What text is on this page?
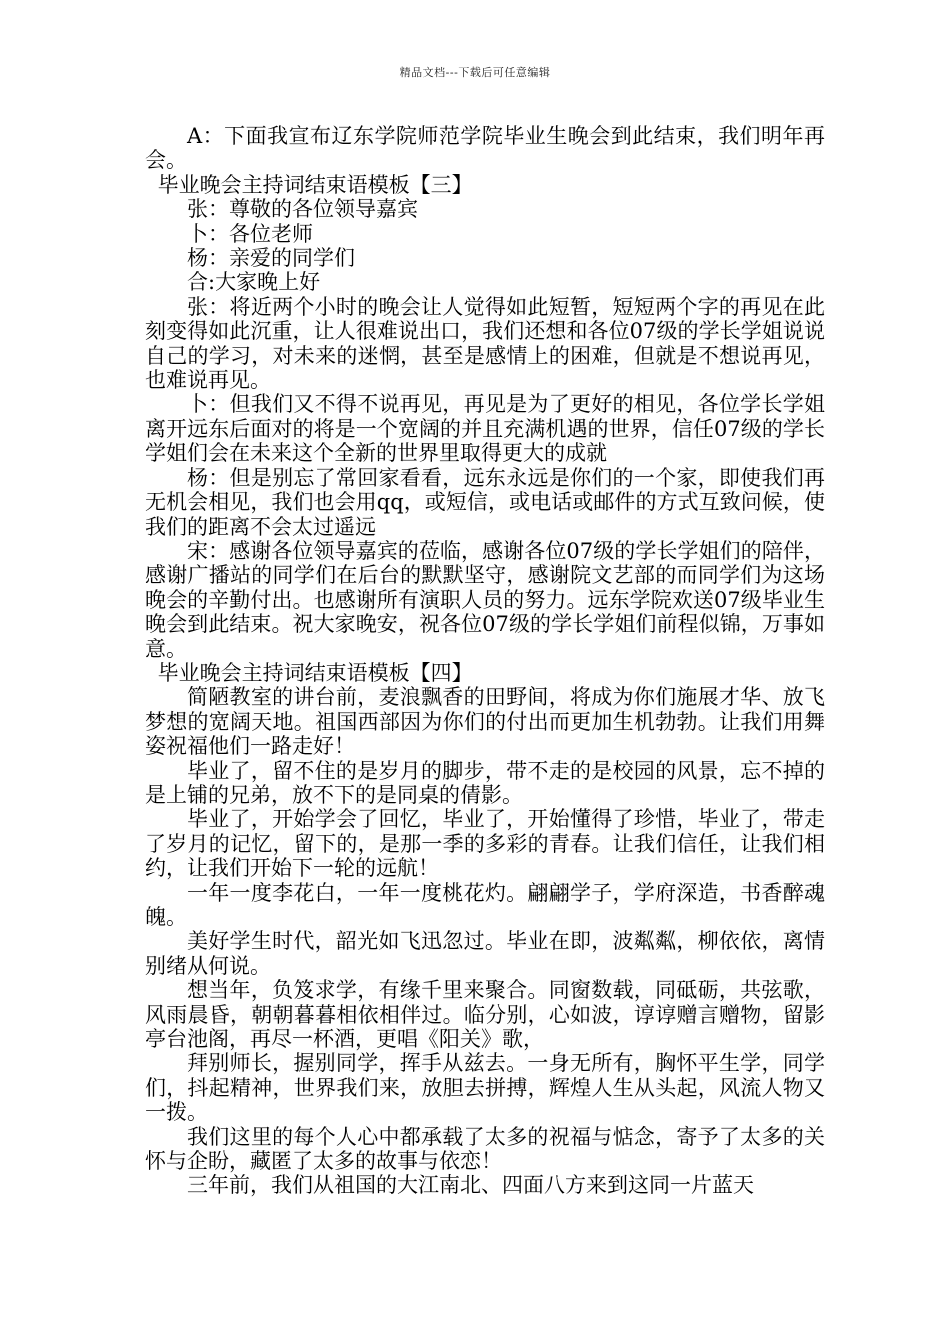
精品文档---下载后可任意编辑

A：下面我宣布辽东学院师范学院毕业生晚会到此结束，我们明年再会。

毕业晚会主持词结束语模板【三】

张：尊敬的各位领导嘉宾

卜：各位老师

杨：亲爱的同学们

合:大家晚上好

张：将近两个小时的晚会让人觉得如此短暂，短短两个字的再见在此刻变得如此沉重，让人很难说出口，我们还想和各位07级的学长学姐说说自己的学习，对未来的迷惘，甚至是感情上的困难，但就是不想说再见，也难说再见。

卜：但我们又不得不说再见，再见是为了更好的相见，各位学长学姐离开远东后面对的将是一个宽阔的并且充满机遇的世界，信任07级的学长学姐们会在未来这个全新的世界里取得更大的成就

杨：但是别忘了常回家看看，远东永远是你们的一个家，即使我们再无机会相见，我们也会用qq，或短信，或电话或邮件的方式互致问候，使我们的距离不会太过遥远

宋：感谢各位领导嘉宾的莅临，感谢各位07级的学长学姐们的陪伴，感谢广播站的同学们在后台的默默坚守，感谢院文艺部的而同学们为这场晚会的辛勤付出。也感谢所有演职人员的努力。远东学院欢送07级毕业生晚会到此结束。祝大家晚安，祝各位07级的学长学姐们前程似锦，万事如意。

毕业晚会主持词结束语模板【四】

简陋教室的讲台前，麦浪飘香的田野间，将成为你们施展才华、放飞梦想的宽阔天地。祖国西部因为你们的付出而更加生机勃勃。让我们用舞姿祝福他们一路走好！

毕业了，留不住的是岁月的脚步，带不走的是校园的风景，忘不掉的是上铺的兄弟，放不下的是同桌的倩影。

毕业了，开始学会了回忆，毕业了，开始懂得了珍惜，毕业了，带走了岁月的记忆，留下的，是那一季的多彩的青春。让我们信任，让我们相约，让我们开始下一轮的远航！

一年一度李花白，一年一度桃花灼。翩翩学子，学府深造，书香醉魂魄。

美好学生时代，韶光如飞迅忽过。毕业在即，波粼粼，柳依依，离情别绪从何说。

想当年，负笈求学，有缘千里来聚合。同窗数载，同砥砺，共弦歌，风雨晨昏，朝朝暮暮相依相伴过。临分别，心如波，谆谆赠言赠物，留影亭台池阁，再尽一杯酒，更唱《阳关》歌，

拜别师长，握别同学，挥手从兹去。一身无所有，胸怀平生学，同学们，抖起精神，世界我们来，放胆去拼搏，辉煌人生从头起，风流人物又一拨。

我们这里的每个人心中都承载了太多的祝福与惦念，寄予了太多的关怀与企盼，藏匿了太多的故事与依恋！

三年前，我们从祖国的大江南北、四面八方来到这同一片蓝天
